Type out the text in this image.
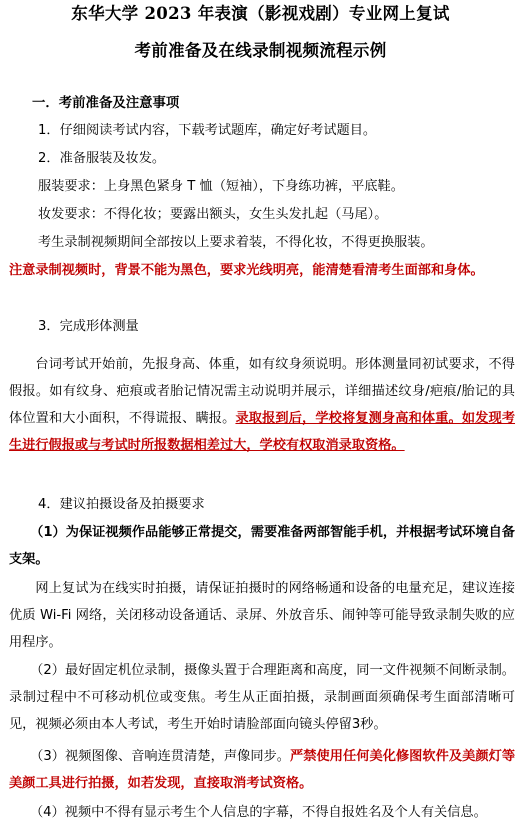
东华大学 2023 年表演（影视戏剧）专业网上复试
考前准备及在线录制视频流程示例
一．考前准备及注意事项
1．仔细阅读考试内容，下载考试题库，确定好考试题目。
2．准备服装及妆发。
服装要求：上身黑色紧身 T 恤（短袖），下身练功裤，平底鞋。
妆发要求：不得化妆；要露出额头，女生头发扎起（马尾）。
考生录制视频期间全部按以上要求着装，不得化妆，不得更换服装。
注意录制视频时，背景不能为黑色，要求光线明亮，能清楚看清考生面部和身体。
3．完成形体测量
台词考试开始前，先报身高、体重，如有纹身须说明。形体测量同初试要求，不得假报。如有纹身、疤痕或者胎记情况需主动说明并展示，详细描述纹身/疤痕/胎记的具体位置和大小面积，不得谎报、瞒报。录取报到后，学校将复测身高和体重。如发现考生进行假报或与考试时所报数据相差过大，学校有权取消录取资格。
4．建议拍摄设备及拍摄要求
（1）为保证视频作品能够正常提交，需要准备两部智能手机，并根据考试环境自备支架。
网上复试为在线实时拍摄，请保证拍摄时的网络畅通和设备的电量充足，建议连接优质 Wi-Fi 网络，关闭移动设备通话、录屏、外放音乐、闹钟等可能导致录制失败的应用程序。
（2）最好固定机位录制，摄像头置于合理距离和高度，同一文件视频不间断录制。录制过程中不可移动机位或变焦。考生从正面拍摄，录制画面须确保考生面部清晰可见，视频必须由本人考试，考生开始时请脸部面向镜头停留3秒。
（3）视频图像、音响连贯清楚，声像同步。严禁使用任何美化修图软件及美颜灯等美颜工具进行拍摄，如若发现，直接取消考试资格。
（4）视频中不得有显示考生个人信息的字幕，不得自报姓名及个人有关信息。
